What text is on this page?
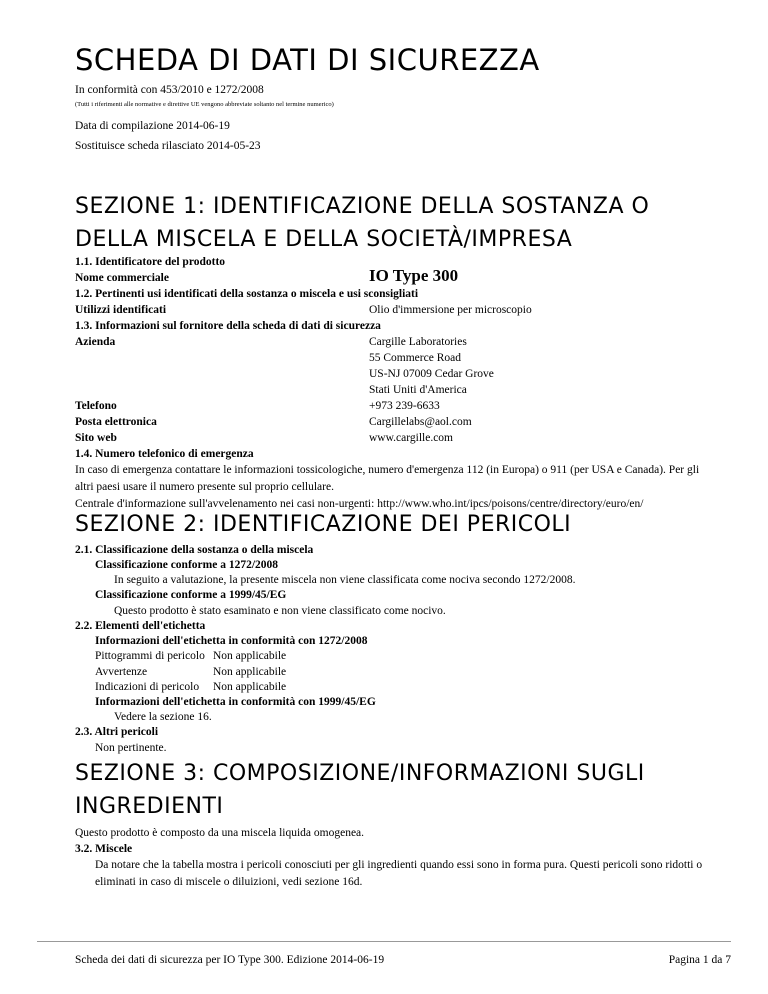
SCHEDA DI DATI DI SICUREZZA
In conformità con 453/2010 e 1272/2008
(Tutti i riferimenti alle normative e direttive UE vengono abbreviate soltanto nel termine numerico)
Data di compilazione 2014-06-19
Sostituisce scheda rilasciato 2014-05-23
SEZIONE 1: IDENTIFICAZIONE DELLA SOSTANZA O DELLA MISCELA E DELLA SOCIETÀ/IMPRESA
1.1. Identificatore del prodotto
Nome commerciale	IO Type 300
1.2. Pertinenti usi identificati della sostanza o miscela e usi sconsigliati
Utilizzi identificati	Olio d'immersione per microscopio
1.3. Informazioni sul fornitore della scheda di dati di sicurezza
Azienda	Cargille Laboratories
55 Commerce Road
US-NJ 07009 Cedar Grove
Stati Uniti d'America
Telefono	+973 239-6633
Posta elettronica	Cargillelabs@aol.com
Sito web	www.cargille.com
1.4. Numero telefonico di emergenza
In caso di emergenza contattare le informazioni tossicologiche, numero d'emergenza 112 (in Europa) o 911 (per USA e Canada). Per gli altri paesi usare il numero presente sul proprio cellulare.
Centrale d'informazione sull'avvelenamento nei casi non-urgenti: http://www.who.int/ipcs/poisons/centre/directory/euro/en/
SEZIONE 2: IDENTIFICAZIONE DEI PERICOLI
2.1. Classificazione della sostanza o della miscela
Classificazione conforme a 1272/2008
In seguito a valutazione, la presente miscela non viene classificata come nociva secondo 1272/2008.
Classificazione conforme a 1999/45/EG
Questo prodotto è stato esaminato e non viene classificato come nocivo.
2.2. Elementi dell'etichetta
Informazioni dell'etichetta in conformità con 1272/2008
Pittogrammi di pericolo Non applicabile
Avvertenze	Non applicabile
Indicazioni di pericolo Non applicabile
Informazioni dell'etichetta in conformità con 1999/45/EG
Vedere la sezione 16.
2.3. Altri pericoli
Non pertinente.
SEZIONE 3: COMPOSIZIONE/INFORMAZIONI SUGLI INGREDIENTI
Questo prodotto è composto da una miscela liquida omogenea.
3.2. Miscele
Da notare che la tabella mostra i pericoli conosciuti per gli ingredienti quando essi sono in forma pura. Questi pericoli sono ridotti o eliminati in caso di miscele o diluizioni, vedi sezione 16d.
Scheda dei dati di sicurezza per IO Type 300. Edizione 2014-06-19	Pagina 1 da 7
